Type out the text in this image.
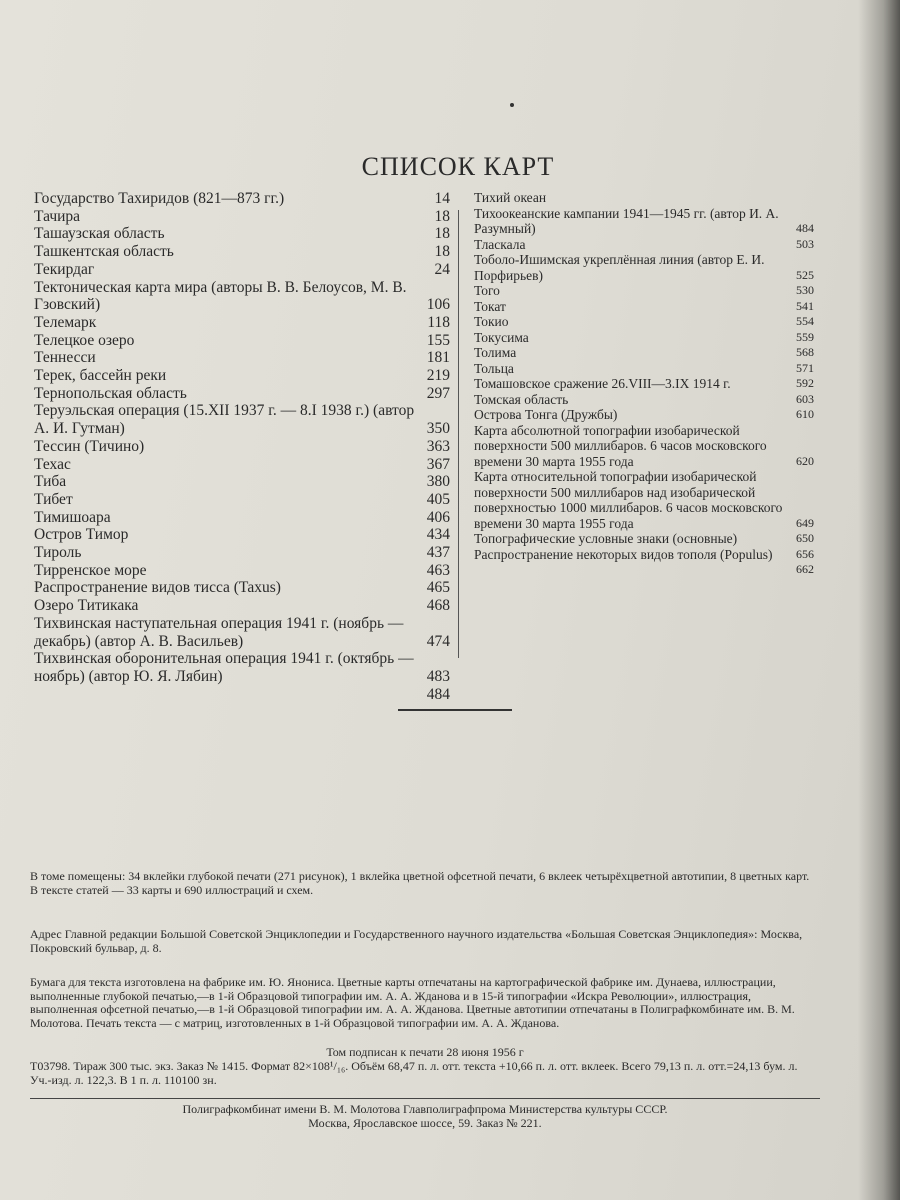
СПИСОК КАРТ
Государство Тахиридов (821—873 гг.)	14
Тачира	18
Ташаузская область	18
Ташкентская область	18
Текирдаг	24
Тектоническая карта мира (авторы В. В. Белоусов, М. В. Гзовский)	106
Телемарк	118
Телецкое озеро	155
Теннесси	181
Терек, бассейн реки	219
Тернопольская область	297
Теруэльская операция (15.XII 1937 г. — 8.I 1938 г.) (автор А. И. Гутман)	350
Тессин (Тичино)	363
Техас	367
Тиба	380
Тибет	405
Тимишоара	406
Остров Тимор	434
Тироль	437
Тирренское море	463
Распространение видов тисса (Taxus)	465
Озеро Титикака	468
Тихвинская наступательная операция 1941 г. (ноябрь — декабрь) (автор А. В. Васильев)	474
Тихвинская оборонительная операция 1941 г. (октябрь — ноябрь) (автор Ю. Я. Лябин)	483
484
Тихий океан
Тихоокеанские кампании 1941—1945 гг. (автор И. А. Разумный)	484
Тласкала	503
Тоболо-Ишимская укреплённая линия (автор Е. И. Порфирьев)	525
Того	530
Токат	541
Токио	554
Токусима	559
Толима	568
Тольца	571
Томашовское сражение 26.VIII—3.IX 1914 г.	592
Томская область	603
Острова Тонга (Дружбы)	610
Карта абсолютной топографии изобарической поверхности 500 миллибаров. 6 часов московского времени 30 марта 1955 года	620
Карта относительной топографии изобарической поверхности 500 миллибаров над изобарической поверхностью 1000 миллибаров. 6 часов московского времени 30 марта 1955 года	649
Топографические условные знаки (основные)	650
Распространение некоторых видов тополя (Populus)	656
662

В томе помещены: 34 вклейки глубокой печати (271 рисунок), 1 вклейка цветной офсетной печати, 6 вклеек четырёхцветной автотипии, 8 цветных карт. В тексте статей — 33 карты и 690 иллюстраций и схем.

Адрес Главной редакции Большой Советской Энциклопедии и Государственного научного издательства «Большая Советская Энциклопедия»: Москва, Покровский бульвар, д. 8.

Бумага для текста изготовлена на фабрике им. Ю. Янониса. Цветные карты отпечатаны на картографической фабрике им. Дунаева, иллюстрации, выполненные глубокой печатью,—в 1-й Образцовой типографии им. А. А. Жданова и в 15-й типографии «Искра Революции», иллюстрация, выполненная офсетной печатью,—в 1-й Образцовой типографии им. А. А. Жданова. Цветные автотипии отпечатаны в Полиграфкомбинате им. В. М. Молотова. Печать текста — с матриц, изготовленных в 1-й Образцовой типографии им. А. А. Жданова.

Том подписан к печати 28 июня 1956 г

Т03798. Тираж 300 тыс. экз. Заказ № 1415. Формат 82×108¹/₁₆. Объём 68,47 п. л. отт. текста +10,66 п. л. отт. вклеек. Всего 79,13 п. л. отт.=24,13 бум. л. Уч.-изд. л. 122,3. В 1 п. л. 110100 зн.

Полиграфкомбинат имени В. М. Молотова Главполиграфпрома Министерства культуры СССР.
Москва, Ярославское шоссе, 59. Заказ № 221.
